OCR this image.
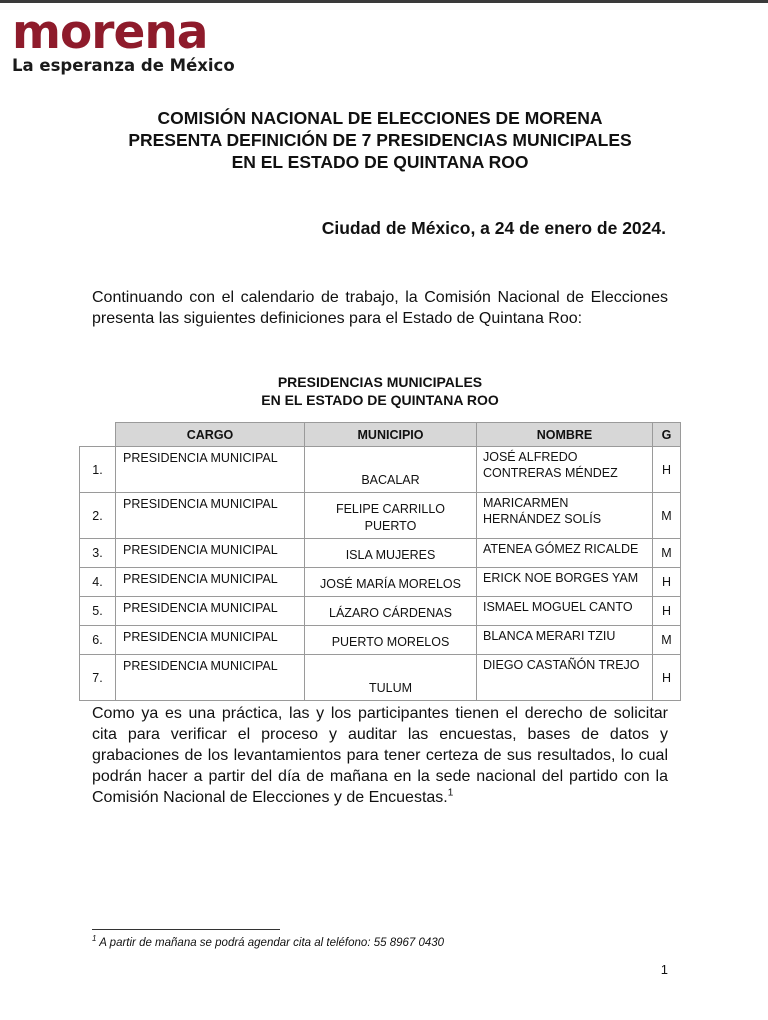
morena
La esperanza de México
COMISIÓN NACIONAL DE ELECCIONES DE MORENA
PRESENTA DEFINICIÓN DE 7 PRESIDENCIAS MUNICIPALES
EN EL ESTADO DE QUINTANA ROO
Ciudad de México, a 24 de enero de 2024.

Continuando con el calendario de trabajo, la Comisión Nacional de Elecciones presenta las siguientes definiciones para el Estado de Quintana Roo:

PRESIDENCIAS MUNICIPALES
EN EL ESTADO DE QUINTANA ROO
	CARGO	MUNICIPIO	NOMBRE	G
1.	PRESIDENCIA MUNICIPAL	BACALAR	JOSÉ ALFREDO CONTRERAS MÉNDEZ	H
2.	PRESIDENCIA MUNICIPAL	FELIPE CARRILLO PUERTO	MARICARMEN HERNÁNDEZ SOLÍS	M
3.	PRESIDENCIA MUNICIPAL	ISLA MUJERES	ATENEA GÓMEZ RICALDE	M
4.	PRESIDENCIA MUNICIPAL	JOSÉ MARÍA MORELOS	ERICK NOE BORGES YAM	H
5.	PRESIDENCIA MUNICIPAL	LÁZARO CÁRDENAS	ISMAEL MOGUEL CANTO	H
6.	PRESIDENCIA MUNICIPAL	PUERTO MORELOS	BLANCA MERARI TZIU	M
7.	PRESIDENCIA MUNICIPAL	TULUM	DIEGO CASTAÑÓN TREJO	H

Como ya es una práctica, las y los participantes tienen el derecho de solicitar cita para verificar el proceso y auditar las encuestas, bases de datos y grabaciones de los levantamientos para tener certeza de sus resultados, lo cual podrán hacer a partir del día de mañana en la sede nacional del partido con la Comisión Nacional de Elecciones y de Encuestas.$^1$

$^1$ A partir de mañana se podrá agendar cita al teléfono: 55 8967 0430
1
